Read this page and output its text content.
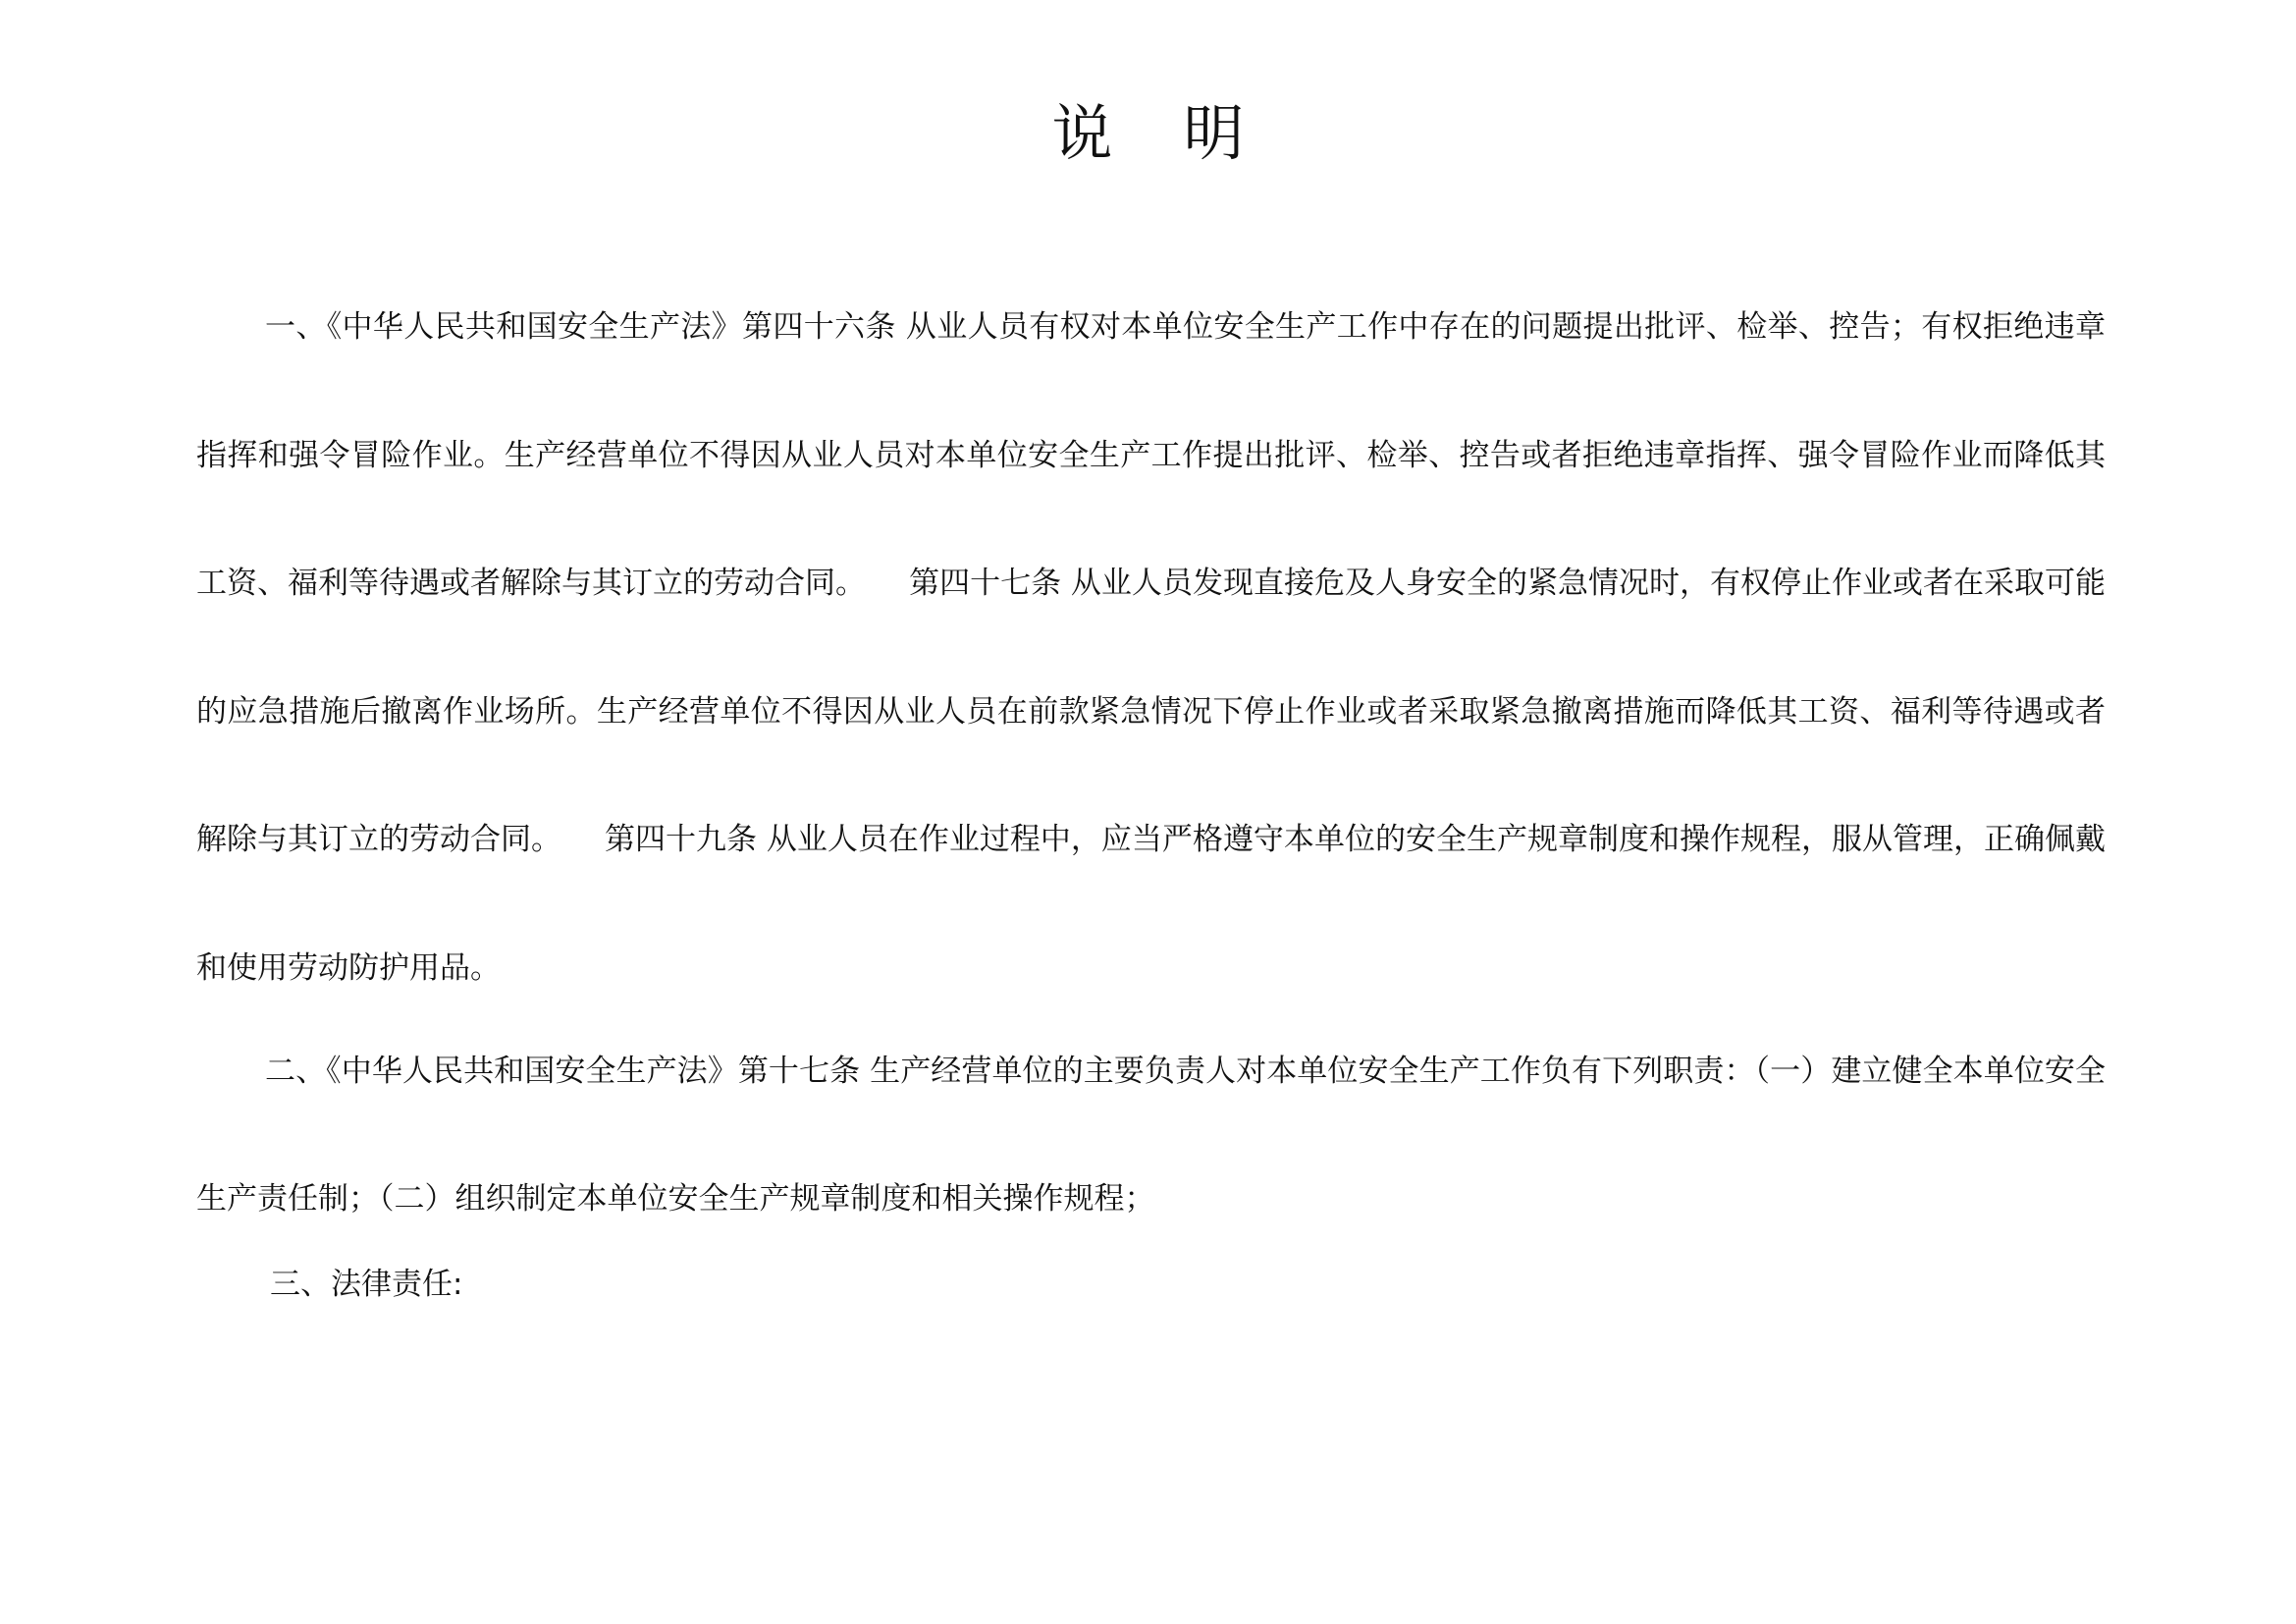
说明

一、《中华人民共和国安全生产法》第四十六条 从业人员有权对本单位安全生产工作中存在的问题提出批评、检举、控告；有权拒绝违章指挥和强令冒险作业。生产经营单位不得因从业人员对本单位安全生产工作提出批评、检举、控告或者拒绝违章指挥、强令冒险作业而降低其工资、福利等待遇或者解除与其订立的劳动合同。 第四十七条 从业人员发现直接危及人身安全的紧急情况时，有权停止作业或者在采取可能的应急措施后撤离作业场所。生产经营单位不得因从业人员在前款紧急情况下停止作业或者采取紧急撤离措施而降低其工资、福利等待遇或者解除与其订立的劳动合同。 第四十九条 从业人员在作业过程中，应当严格遵守本单位的安全生产规章制度和操作规程，服从管理，正确佩戴和使用劳动防护用品。

二、《中华人民共和国安全生产法》第十七条 生产经营单位的主要负责人对本单位安全生产工作负有下列职责：（一）建立健全本单位安全生产责任制；（二）组织制定本单位安全生产规章制度和相关操作规程；

三、法律责任:
